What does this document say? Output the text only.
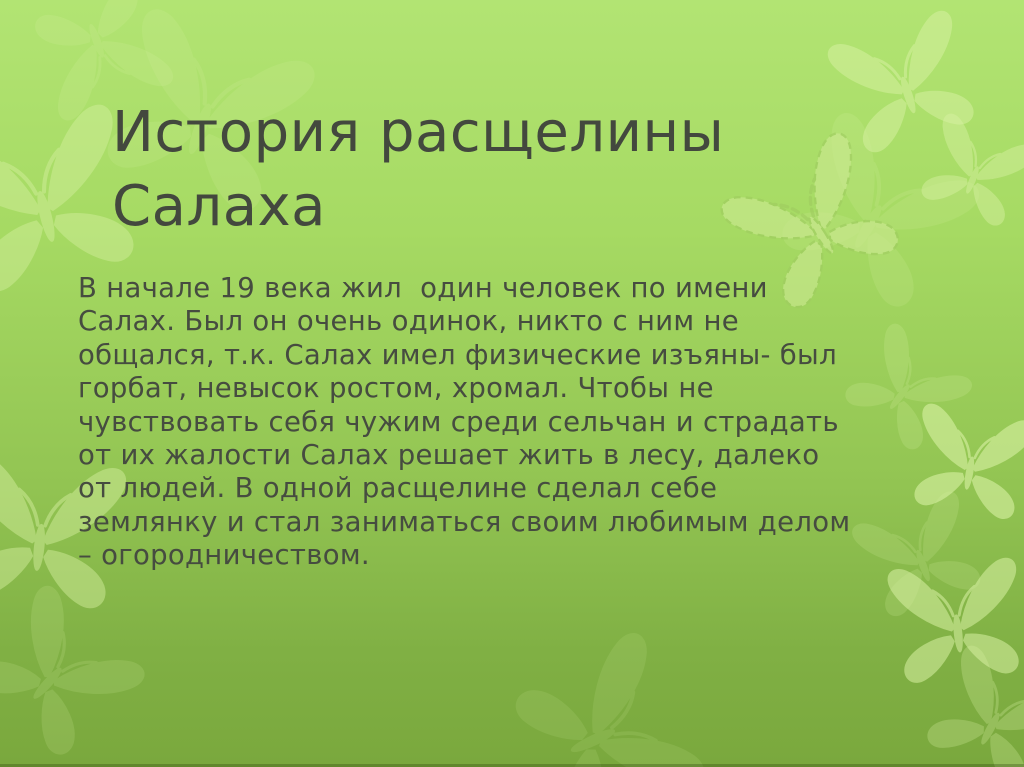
История расщелины
Салаха
В начале 19 века жил  один человек по имени
Салах. Был он очень одинок, никто с ним не
общался, т.к. Салах имел физические изъяны- был
горбат, невысок ростом, хромал. Чтобы не
чувствовать себя чужим среди сельчан и страдать
от их жалости Салах решает жить в лесу, далеко
от людей. В одной расщелине сделал себе
землянку и стал заниматься своим любимым делом
– огородничеством.
